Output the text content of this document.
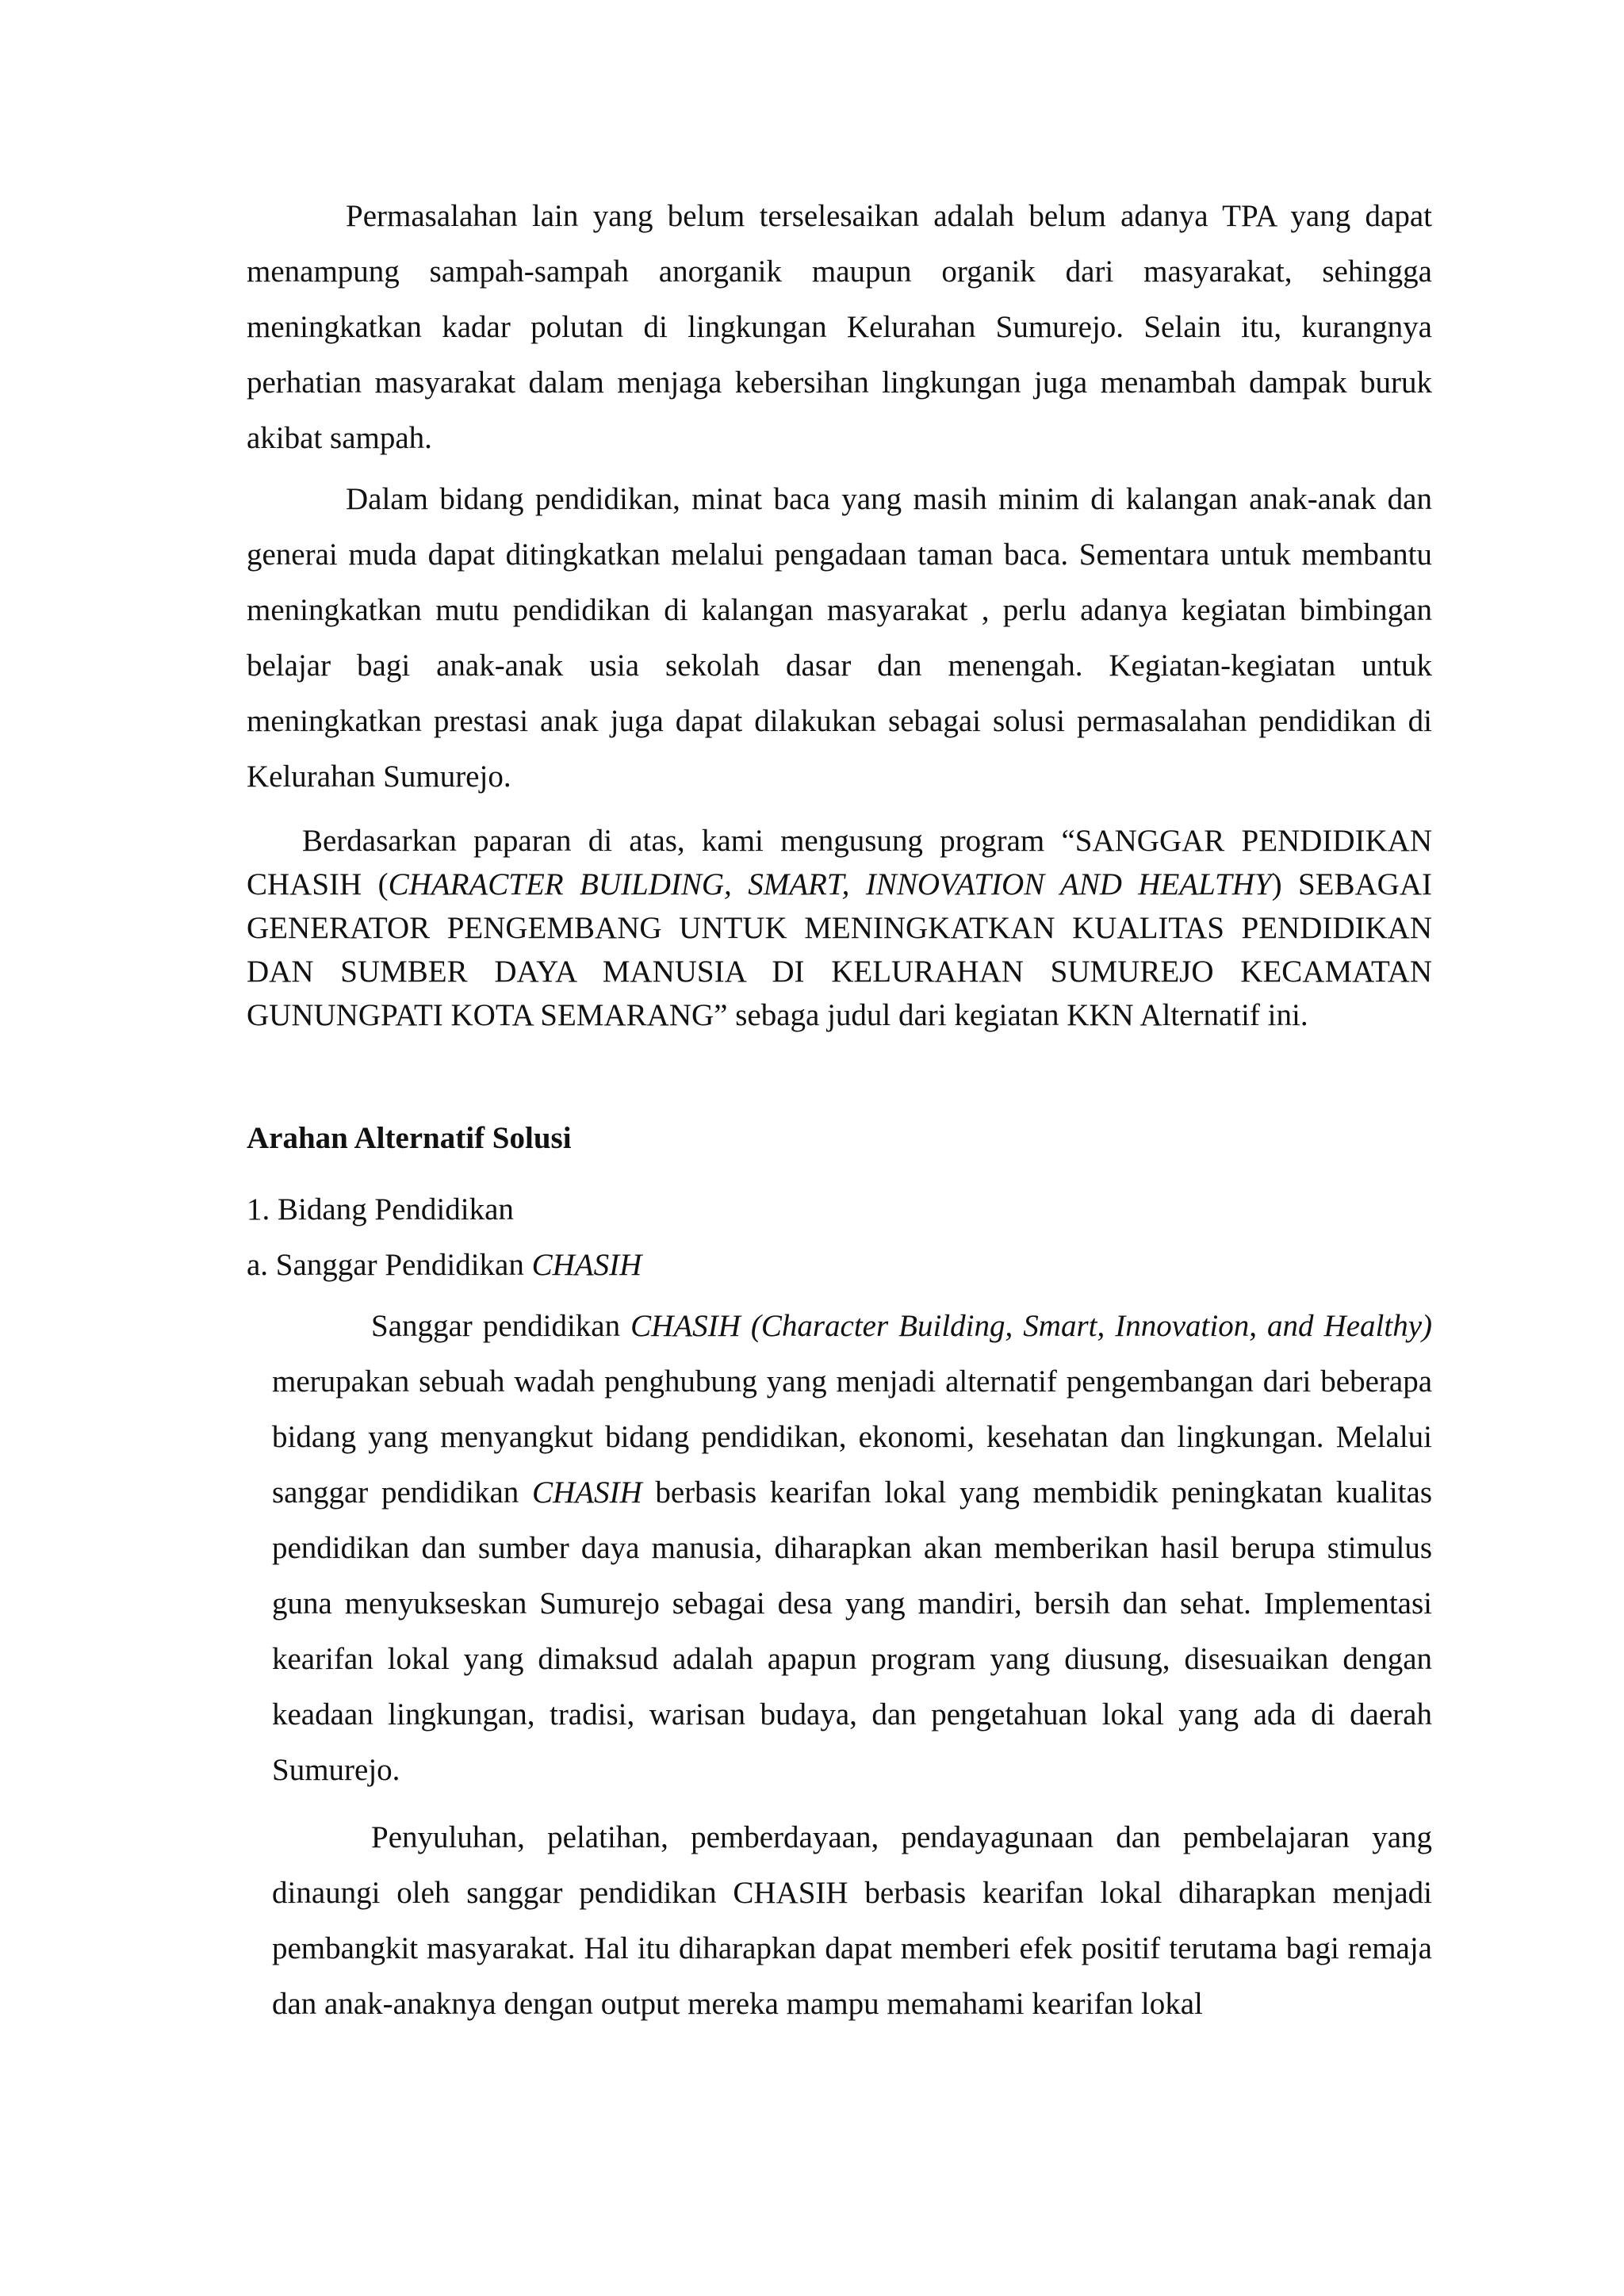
Permasalahan lain yang belum terselesaikan adalah belum adanya TPA yang dapat menampung sampah-sampah anorganik maupun organik dari masyarakat, sehingga meningkatkan kadar polutan di lingkungan Kelurahan Sumurejo. Selain itu, kurangnya perhatian masyarakat dalam menjaga kebersihan lingkungan juga menambah dampak buruk akibat sampah.

Dalam bidang pendidikan, minat baca yang masih minim di kalangan anak-anak dan generai muda dapat ditingkatkan melalui pengadaan taman baca. Sementara untuk membantu meningkatkan mutu pendidikan di kalangan masyarakat , perlu adanya kegiatan bimbingan belajar bagi anak-anak usia sekolah dasar dan menengah. Kegiatan-kegiatan untuk meningkatkan prestasi anak juga dapat dilakukan sebagai solusi permasalahan pendidikan di Kelurahan Sumurejo.

Berdasarkan paparan di atas, kami mengusung program “SANGGAR PENDIDIKAN CHASIH (CHARACTER BUILDING, SMART, INNOVATION AND HEALTHY) SEBAGAI GENERATOR PENGEMBANG UNTUK MENINGKATKAN KUALITAS PENDIDIKAN DAN SUMBER DAYA MANUSIA DI KELURAHAN SUMUREJO KECAMATAN GUNUNGPATI KOTA SEMARANG” sebaga judul dari kegiatan KKN Alternatif ini.

Arahan Alternatif Solusi
1. Bidang Pendidikan
a. Sanggar Pendidikan CHASIH

Sanggar pendidikan CHASIH (Character Building, Smart, Innovation, and Healthy) merupakan sebuah wadah penghubung yang menjadi alternatif pengembangan dari beberapa bidang yang menyangkut bidang pendidikan, ekonomi, kesehatan dan lingkungan. Melalui sanggar pendidikan CHASIH berbasis kearifan lokal yang membidik peningkatan kualitas pendidikan dan sumber daya manusia, diharapkan akan memberikan hasil berupa stimulus guna menyukseskan Sumurejo sebagai desa yang mandiri, bersih dan sehat. Implementasi kearifan lokal yang dimaksud adalah apapun program yang diusung, disesuaikan dengan keadaan lingkungan, tradisi, warisan budaya, dan pengetahuan lokal yang ada di daerah Sumurejo.

Penyuluhan, pelatihan, pemberdayaan, pendayagunaan dan pembelajaran yang dinaungi oleh sanggar pendidikan CHASIH berbasis kearifan lokal diharapkan menjadi pembangkit masyarakat. Hal itu diharapkan dapat memberi efek positif terutama bagi remaja dan anak-anaknya dengan output mereka mampu memahami kearifan lokal
